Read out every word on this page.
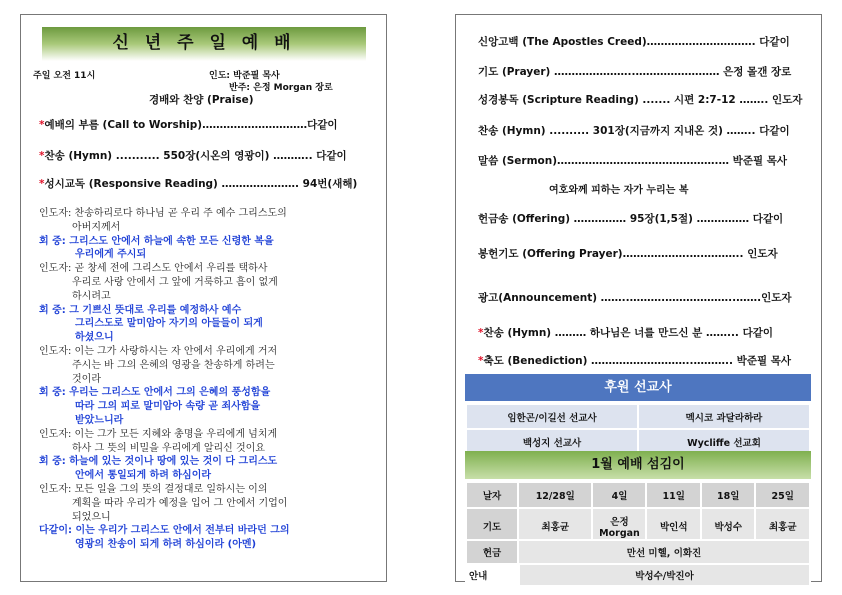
신 년 주 일 예 배
주일 오전 11시	인도: 박준필 목사
반주: 은정 Morgan 장로
경배와 찬양 (Praise)
*예배의 부름 (Call to Worship)…………………………다같이
*찬송 (Hymn) ........... 550장(시온의 영광이) ……….. 다같이
*성시교독 (Responsive Reading) …………………. 94번(새해)
인도자: 찬송하리로다 하나님 곧 우리 주 예수 그리스도의
아버지께서
회 중: 그리스도 안에서 하늘에 속한 모든 신령한 복을
우리에게 주시되
인도자: 곧 창세 전에 그리스도 안에서 우리를 택하사
우리로 사랑 안에서 그 앞에 거룩하고 흠이 없게
하시려고
회 중: 그 기쁘신 뜻대로 우리를 예정하사 예수
그리스도로 말미암아 자기의 아들들이 되게
하셨으니
인도자: 이는 그가 사랑하시는 자 안에서 우리에게 거저
주시는 바 그의 은혜의 영광을 찬송하게 하려는
것이라
회 중: 우리는 그리스도 안에서 그의 은혜의 풍성함을
따라 그의 피로 말미암아 속량 곧 죄사함을
받았느니라
인도자: 이는 그가 모든 지혜와 총명을 우리에게 넘치게
하사 그 뜻의 비밀을 우리에게 알리신 것이요
회 중: 하늘에 있는 것이나 땅에 있는 것이 다 그리스도
안에서 통일되게 하려 하심이라
인도자: 모든 일을 그의 뜻의 결정대로 일하시는 이의
계획을 따라 우리가 예정을 입어 그 안에서 기업이
되었으니
다같이: 이는 우리가 그리스도 안에서 전부터 바라던 그의
영광의 찬송이 되게 하려 하심이라 (아멘)
신앙고백 (The Apostles Creed)…………………………. 다같이
기도 (Prayer) …………………..…………………… 은정 몰갠 장로
성경봉독 (Scripture Reading) ....... 시편 2:7-12 …….. 인도자
찬송 (Hymn) .......... 301장(지금까지 지내온 것) …….. 다같이
말씀 (Sermon)……………………………………….… 박준필 목사
여호와께 피하는 자가 누리는 복
헌금송 (Offering) …………… 95장(1,5절) …………… 다같이
봉헌기도 (Offering Prayer)……………….….……….. 인도자
광고(Announcement) ……..……….………………..…….인도자
*찬송 (Hymn) ……… 하나님은 너를 만드신 분 ……... 다같이
*축도 (Benediction) ………………………..……….. 박준필 목사
후원 선교사
임한곤/이길선 선교사	멕시코 과달라하라
백성지 선교사	Wycliffe 선교회
1월 예배 섬김이
날자	12/28일	4일	11일	18일	25일
기도	최홍균	은정 Morgan	박인석	박성수	최홍균
헌금	만선 미헬, 이화진
안내	박성수/박진아
